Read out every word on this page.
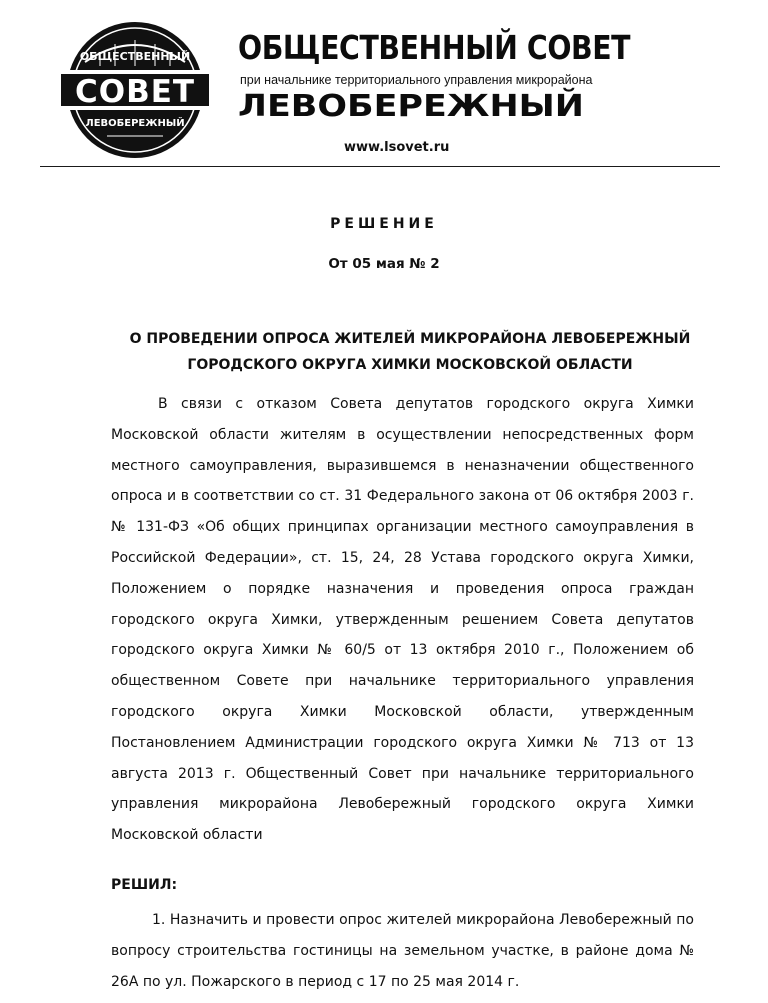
ОБЩЕСТВЕННЫЙ
СОВЕТ
ЛЕВОБЕРЕЖНЫЙ
ОБЩЕСТВЕННЫЙ СОВЕТ
при начальнике территориального управления микрорайона
ЛЕВОБЕРЕЖНЫЙ
www.lsovet.ru
РЕШЕНИЕ
От 05 мая № 2
О ПРОВЕДЕНИИ ОПРОСА ЖИТЕЛЕЙ МИКРОРАЙОНА ЛЕВОБЕРЕЖНЫЙ
ГОРОДСКОГО ОКРУГА ХИМКИ МОСКОВСКОЙ ОБЛАСТИ

В связи с отказом Совета депутатов городского округа Химки Московской области жителям в осуществлении непосредственных форм местного самоуправления, выразившемся в неназначении общественного опроса и в соответствии со ст. 31 Федерального закона от 06 октября 2003 г. № 131-ФЗ «Об общих принципах организации местного самоуправления в Российской Федерации», ст. 15, 24, 28 Устава городского округа Химки, Положением о порядке назначения и проведения опроса граждан городского округа Химки, утвержденным решением Совета депутатов городского округа Химки № 60/5 от 13 октября 2010 г., Положением об общественном Совете при начальнике территориального управления городского округа Химки Московской области, утвержденным Постановлением Администрации городского округа Химки № 713 от 13 августа 2013 г. Общественный Совет при начальнике территориального управления микрорайона Левобережный городского округа Химки Московской области

РЕШИЛ:

1. Назначить и провести опрос жителей микрорайона Левобережный по вопросу строительства гостиницы на земельном участке, в районе дома № 26А по ул. Пожарского в период с 17 по 25 мая 2014 г.
